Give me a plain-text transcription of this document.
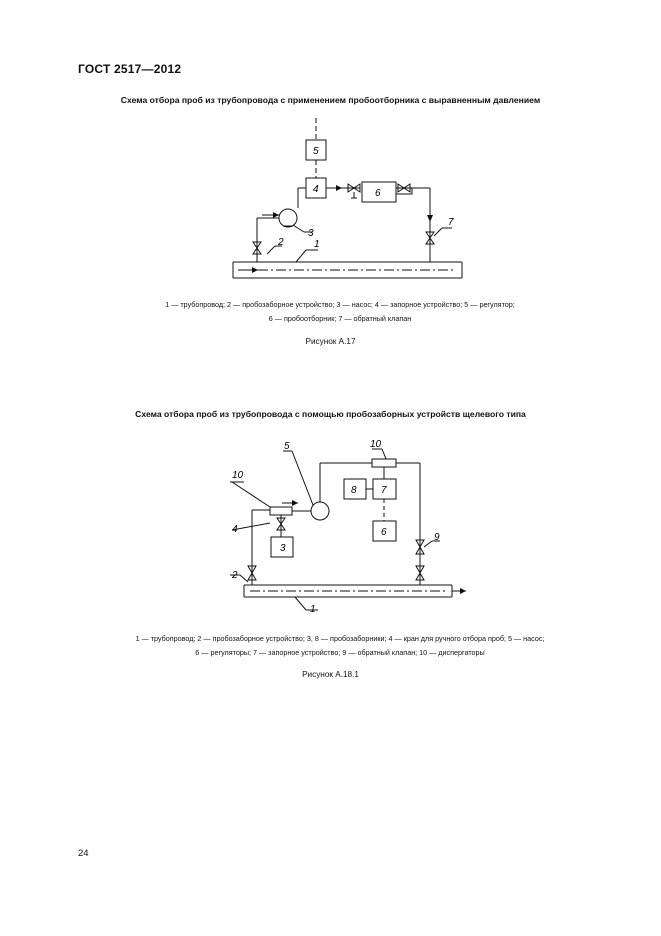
ГОСТ 2517—2012
Схема отбора проб из трубопровода с применением пробоотборника с выравненным давлением
5
4	6
2	1
3
7
3
8 7
6
10
4
5	10
2
1
9
1 — трубопровод; 2 — пробозаборное устройство; 3 — насос; 4 — запорное устройство; 5 — регулятор;
6 — пробоотборник; 7 — обратный клапан
Рисунок А.17
Схема отбора проб из трубопровода с помощью пробозаборных устройств щелевого типа
1 — трубопровод; 2 — пробозаборное устройство; 3, 8 — пробозаборники; 4 — кран для ручного отбора проб; 5 — насос;
6 — регуляторы; 7 — запорное устройство; 9 — обратный клапан; 10 — диспергаторы
Рисунок А.18.1
24
